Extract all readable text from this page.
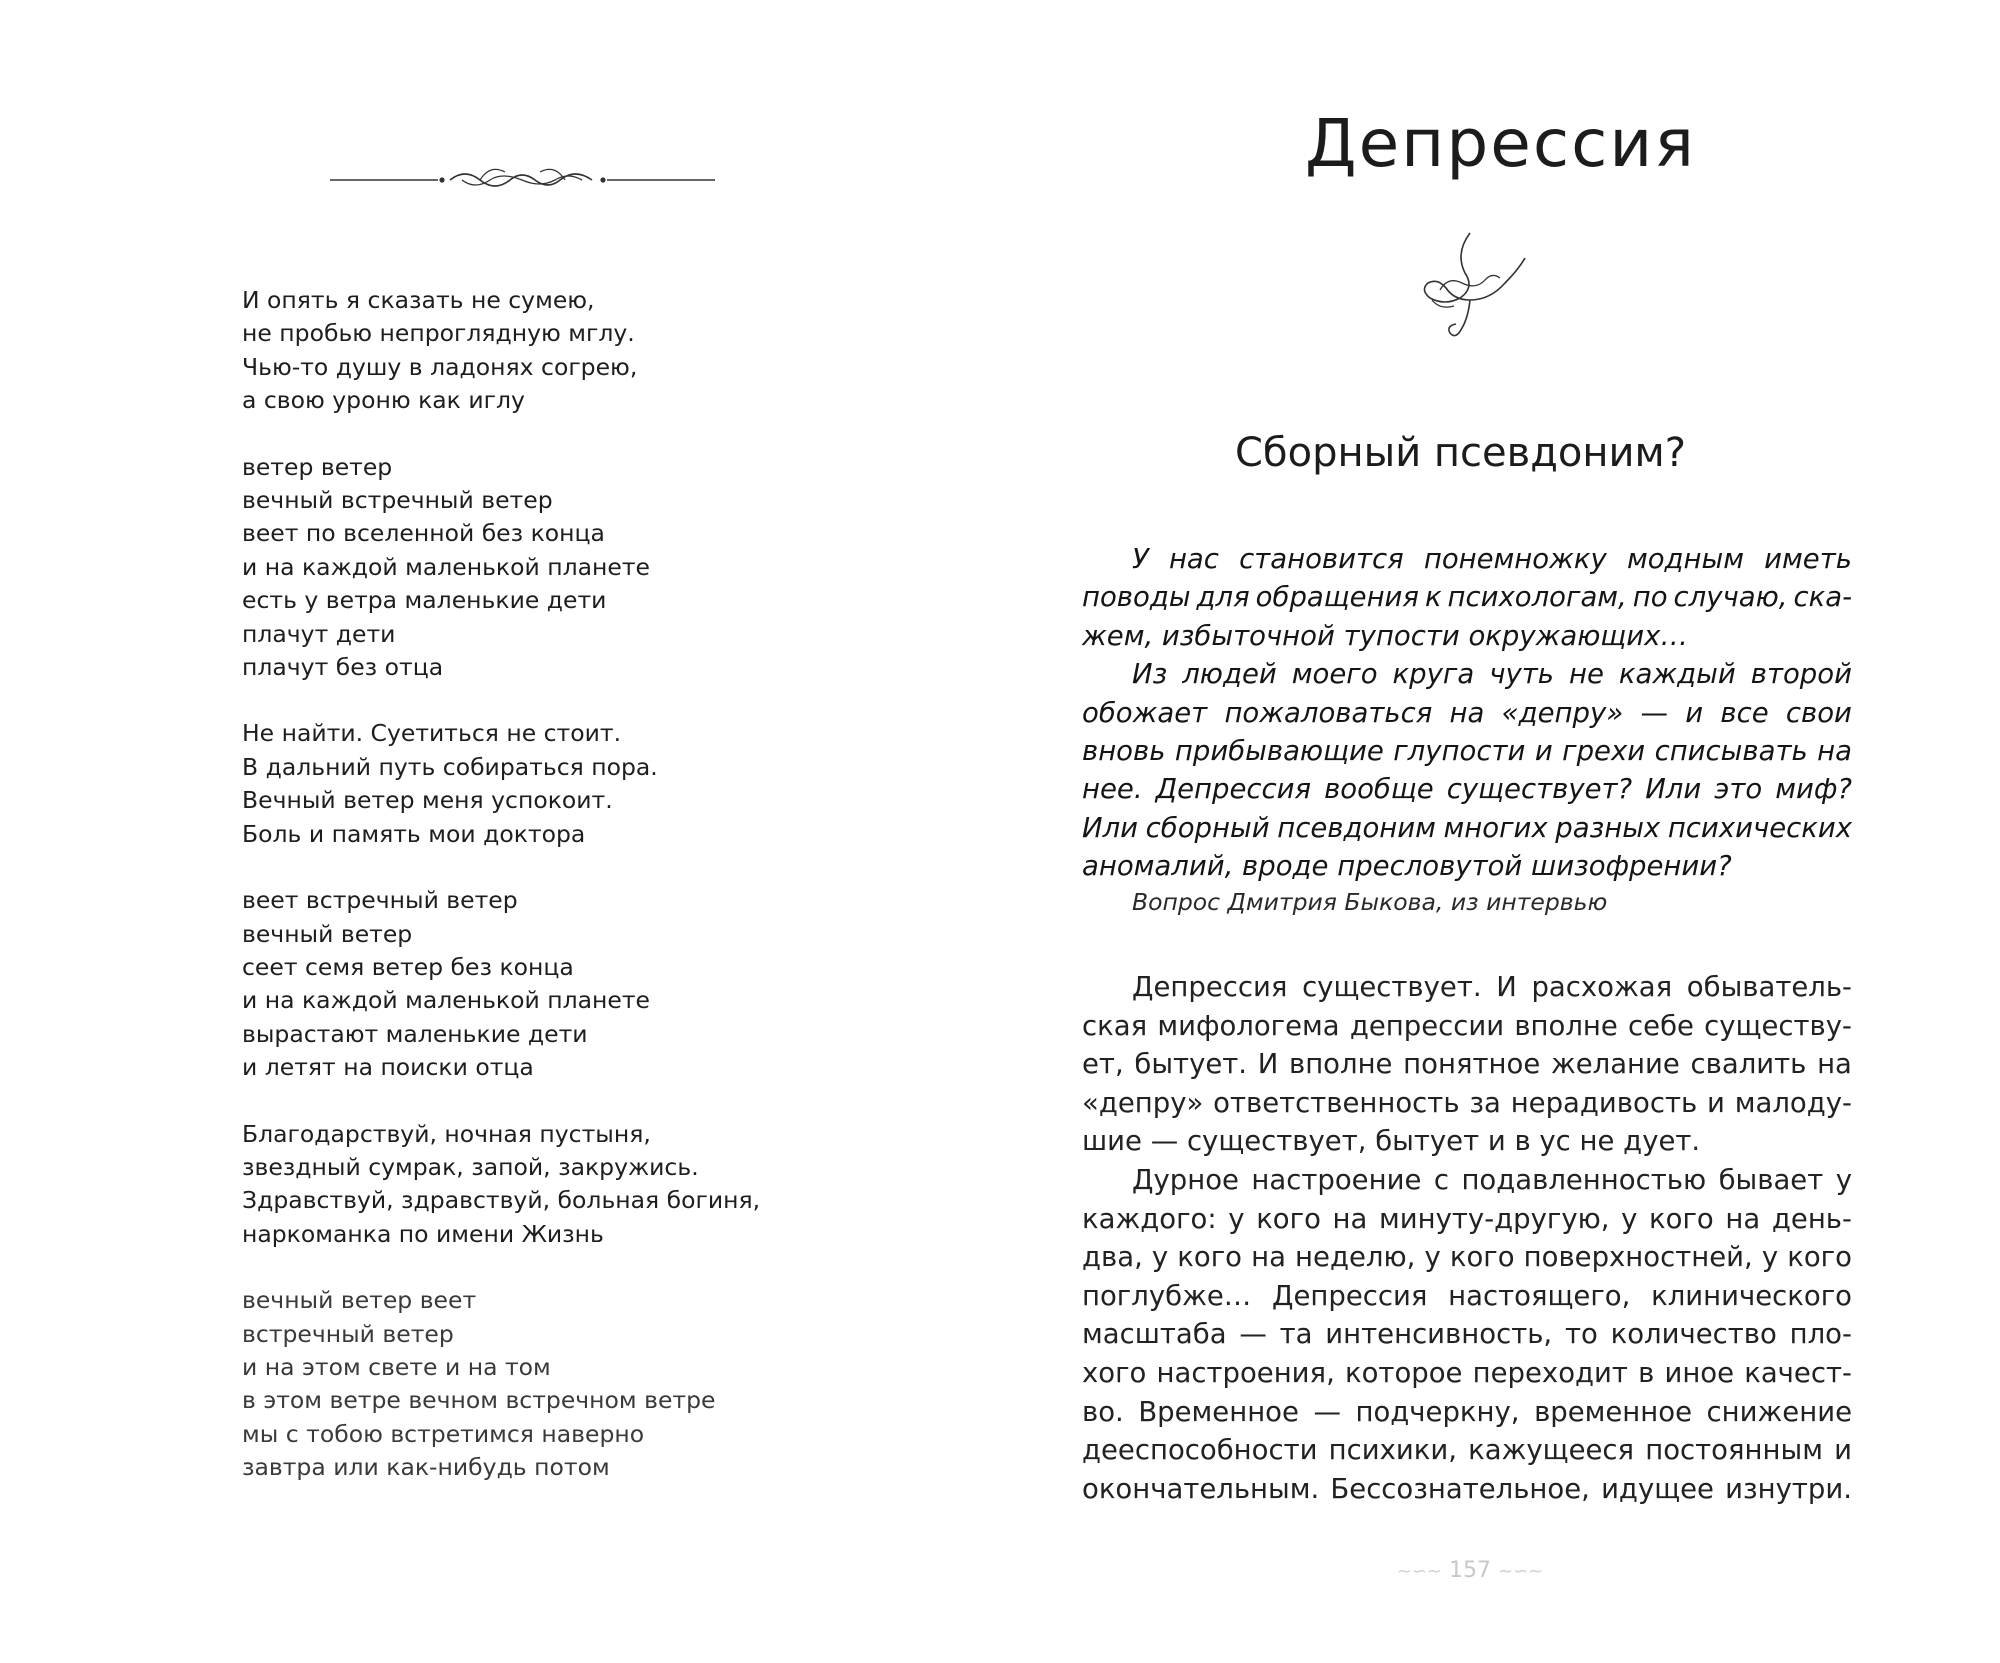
И опять я сказать не сумею,
не пробью непроглядную мглу.
Чью-то душу в ладонях согрею,
а свою уроню как иглу
ветер ветер
вечный встречный ветер
веет по вселенной без конца
и на каждой маленькой планете
есть у ветра маленькие дети
плачут дети
плачут без отца
Не найти. Суетиться не стоит.
В дальний путь собираться пора.
Вечный ветер меня успокоит.
Боль и память мои доктора
веет встречный ветер
вечный ветер
сеет семя ветер без конца
и на каждой маленькой планете
вырастают маленькие дети
и летят на поиски отца
Благодарствуй, ночная пустыня,
звездный сумрак, запой, закружись.
Здравствуй, здравствуй, больная богиня,
наркоманка по имени Жизнь
вечный ветер веет
встречный ветер
и на этом свете и на том
в этом ветре вечном встречном ветре
мы с тобою встретимся наверно
завтра или как-нибудь потом
Депрессия
Сборный псевдоним?
У нас становится понемножку модным иметь
поводы для обращения к психологам, по случаю, ска-
жем, избыточной тупости окружающих…
Из людей моего круга чуть не каждый второй
обожает пожаловаться на «депру» — и все свои
вновь прибывающие глупости и грехи списывать на
нее. Депрессия вообще существует? Или это миф?
Или сборный псевдоним многих разных психических
аномалий, вроде пресловутой шизофрении?
Вопрос Дмитрия Быкова, из интервью
Депрессия существует. И расхожая обыватель-
ская мифологема депрессии вполне себе существу-
ет, бытует. И вполне понятное желание свалить на
«депру» ответственность за нерадивость и малоду-
шие — существует, бытует и в ус не дует.
Дурное настроение с подавленностью бывает у
каждого: у кого на минуту-другую, у кого на день-
два, у кого на неделю, у кого поверхностней, у кого
поглубже… Депрессия настоящего, клинического
масштаба — та интенсивность, то количество пло-
хого настроения, которое переходит в иное качест-
во. Временное — подчеркну, временное снижение
дееспособности психики, кажущееся постоянным и
окончательным. Бессознательное, идущее изнутри.
~∽~ 157 ~∽~
